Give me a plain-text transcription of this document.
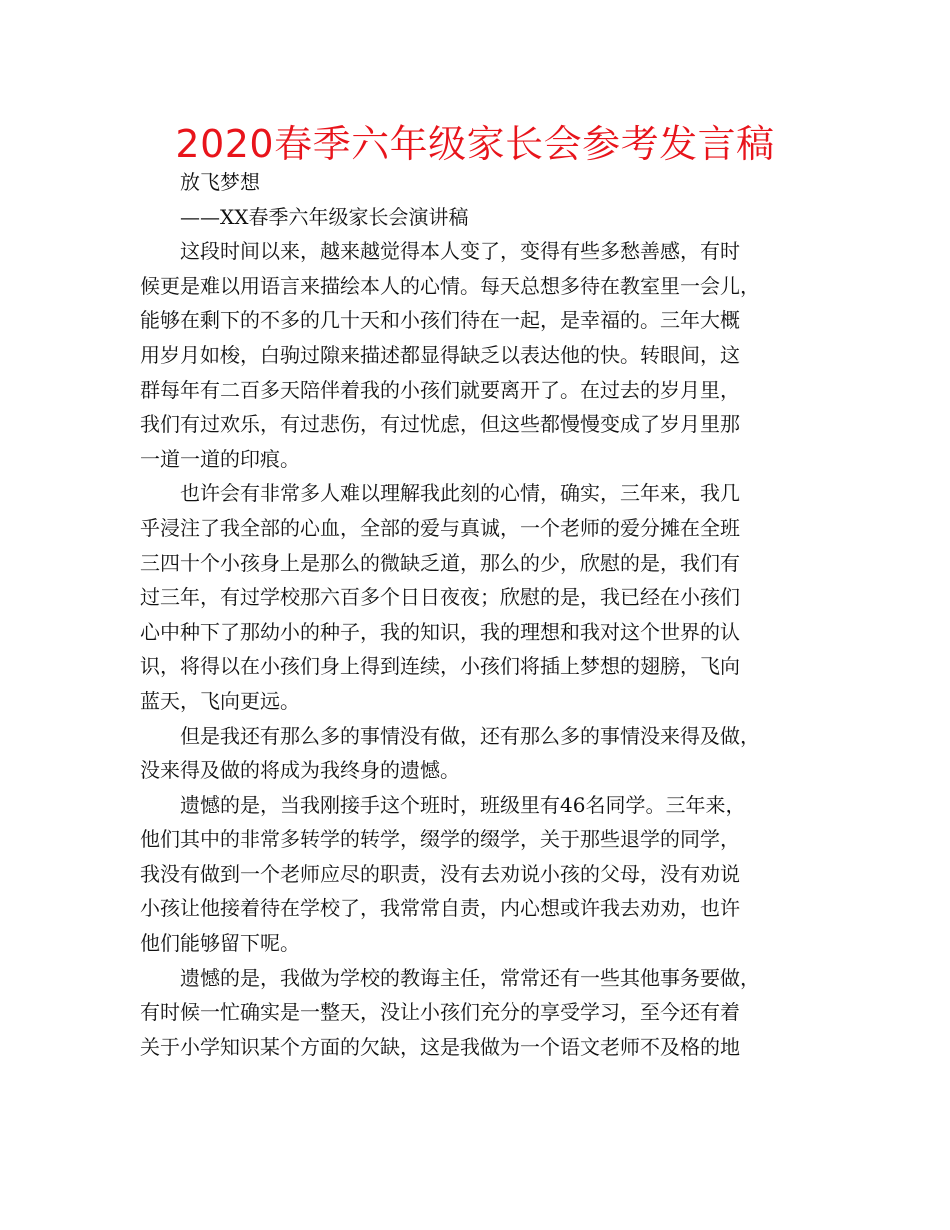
2020春季六年级家长会参考发言稿
放飞梦想
——XX春季六年级家长会演讲稿
这段时间以来，越来越觉得本人变了，变得有些多愁善感，有时
候更是难以用语言来描绘本人的心情。每天总想多待在教室里一会儿，
能够在剩下的不多的几十天和小孩们待在一起，是幸福的。三年大概
用岁月如梭，白驹过隙来描述都显得缺乏以表达他的快。转眼间，这
群每年有二百多天陪伴着我的小孩们就要离开了。在过去的岁月里，
我们有过欢乐，有过悲伤，有过忧虑，但这些都慢慢变成了岁月里那
一道一道的印痕。
也许会有非常多人难以理解我此刻的心情，确实，三年来，我几
乎浸注了我全部的心血，全部的爱与真诚，一个老师的爱分摊在全班
三四十个小孩身上是那么的微缺乏道，那么的少，欣慰的是，我们有
过三年，有过学校那六百多个日日夜夜；欣慰的是，我已经在小孩们
心中种下了那幼小的种子，我的知识，我的理想和我对这个世界的认
识，将得以在小孩们身上得到连续，小孩们将插上梦想的翅膀，飞向
蓝天，飞向更远。
但是我还有那么多的事情没有做，还有那么多的事情没来得及做，
没来得及做的将成为我终身的遗憾。
遗憾的是，当我刚接手这个班时，班级里有46名同学。三年来，
他们其中的非常多转学的转学，缀学的缀学，关于那些退学的同学，
我没有做到一个老师应尽的职责，没有去劝说小孩的父母，没有劝说
小孩让他接着待在学校了，我常常自责，内心想或许我去劝劝，也许
他们能够留下呢。
遗憾的是，我做为学校的教诲主任，常常还有一些其他事务要做，
有时候一忙确实是一整天，没让小孩们充分的享受学习，至今还有着
关于小学知识某个方面的欠缺，这是我做为一个语文老师不及格的地
